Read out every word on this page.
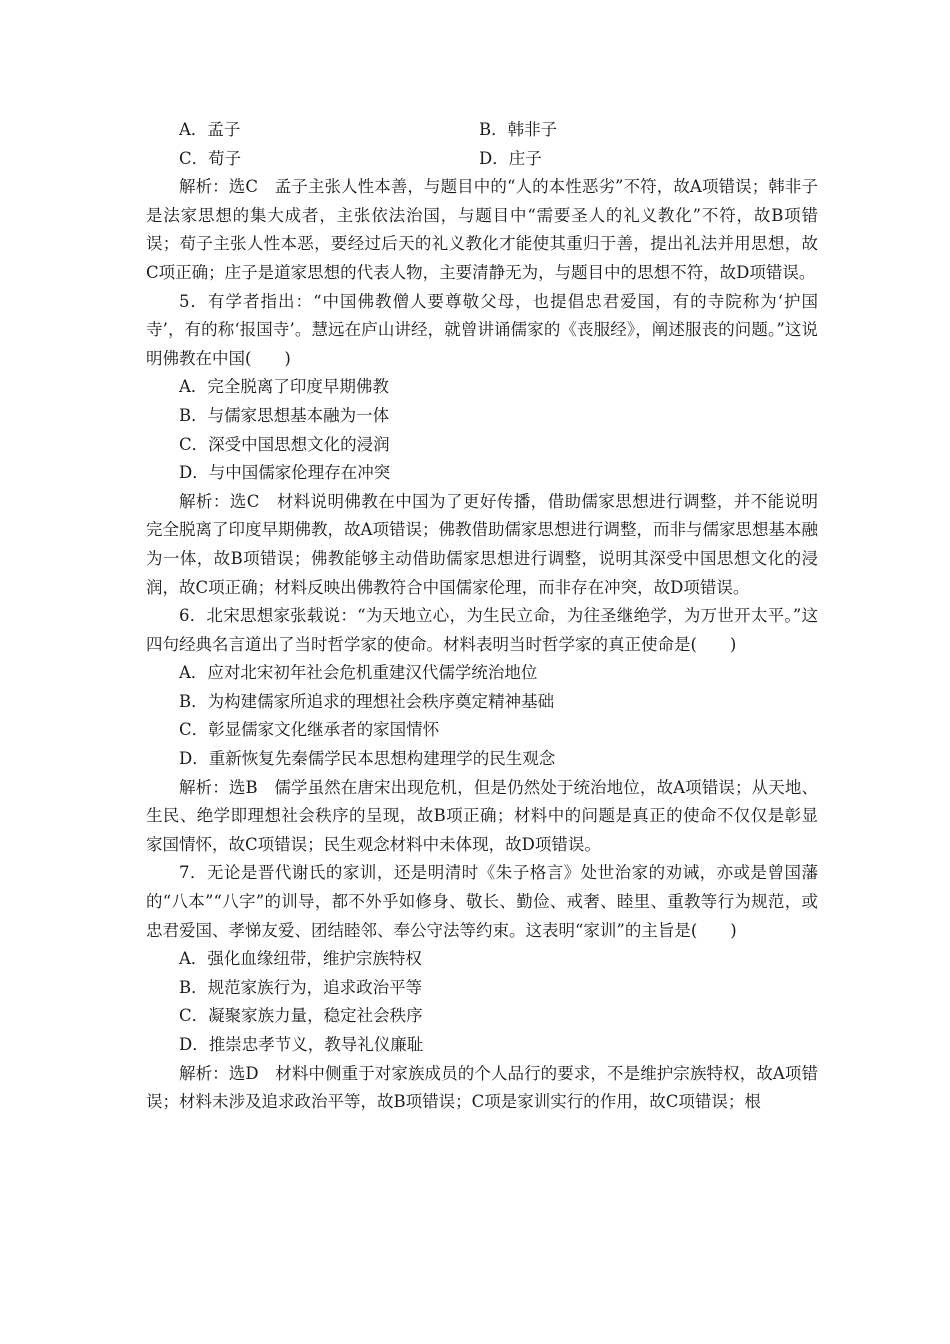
A．孟子	B．韩非子
C．荀子	D．庄子

解析：选C　孟子主张人性本善，与题目中的“人的本性恶劣”不符，故A项错误；韩非子是法家思想的集大成者，主张依法治国，与题目中“需要圣人的礼义教化”不符，故B项错误；荀子主张人性本恶，要经过后天的礼义教化才能使其重归于善，提出礼法并用思想，故C项正确；庄子是道家思想的代表人物，主要清静无为，与题目中的思想不符，故D项错误。

5．有学者指出：“中国佛教僧人要尊敬父母，也提倡忠君爱国，有的寺院称为‘护国寺’，有的称‘报国寺’。慧远在庐山讲经，就曾讲诵儒家的《丧服经》，阐述服丧的问题。”这说明佛教在中国(　　)

A．完全脱离了印度早期佛教

B．与儒家思想基本融为一体

C．深受中国思想文化的浸润

D．与中国儒家伦理存在冲突

解析：选C　材料说明佛教在中国为了更好传播，借助儒家思想进行调整，并不能说明完全脱离了印度早期佛教，故A项错误；佛教借助儒家思想进行调整，而非与儒家思想基本融为一体，故B项错误；佛教能够主动借助儒家思想进行调整，说明其深受中国思想文化的浸润，故C项正确；材料反映出佛教符合中国儒家伦理，而非存在冲突，故D项错误。

6．北宋思想家张载说：“为天地立心，为生民立命，为往圣继绝学，为万世开太平。”这四句经典名言道出了当时哲学家的使命。材料表明当时哲学家的真正使命是(　　)

A．应对北宋初年社会危机重建汉代儒学统治地位

B．为构建儒家所追求的理想社会秩序奠定精神基础

C．彰显儒家文化继承者的家国情怀

D．重新恢复先秦儒学民本思想构建理学的民生观念

解析：选B　儒学虽然在唐宋出现危机，但是仍然处于统治地位，故A项错误；从天地、生民、绝学即理想社会秩序的呈现，故B项正确；材料中的问题是真正的使命不仅仅是彰显家国情怀，故C项错误；民生观念材料中未体现，故D项错误。

7．无论是晋代谢氏的家训，还是明清时《朱子格言》处世治家的劝诫，亦或是曾国藩的“八本”“八字”的训导，都不外乎如修身、敬长、勤俭、戒奢、睦里、重教等行为规范，或忠君爱国、孝悌友爱、团结睦邻、奉公守法等约束。这表明“家训”的主旨是(　　)

A．强化血缘纽带，维护宗族特权

B．规范家族行为，追求政治平等

C．凝聚家族力量，稳定社会秩序

D．推崇忠孝节义，教导礼仪廉耻

解析：选D　材料中侧重于对家族成员的个人品行的要求，不是维护宗族特权，故A项错误；材料未涉及追求政治平等，故B项错误；C项是家训实行的作用，故C项错误；根
